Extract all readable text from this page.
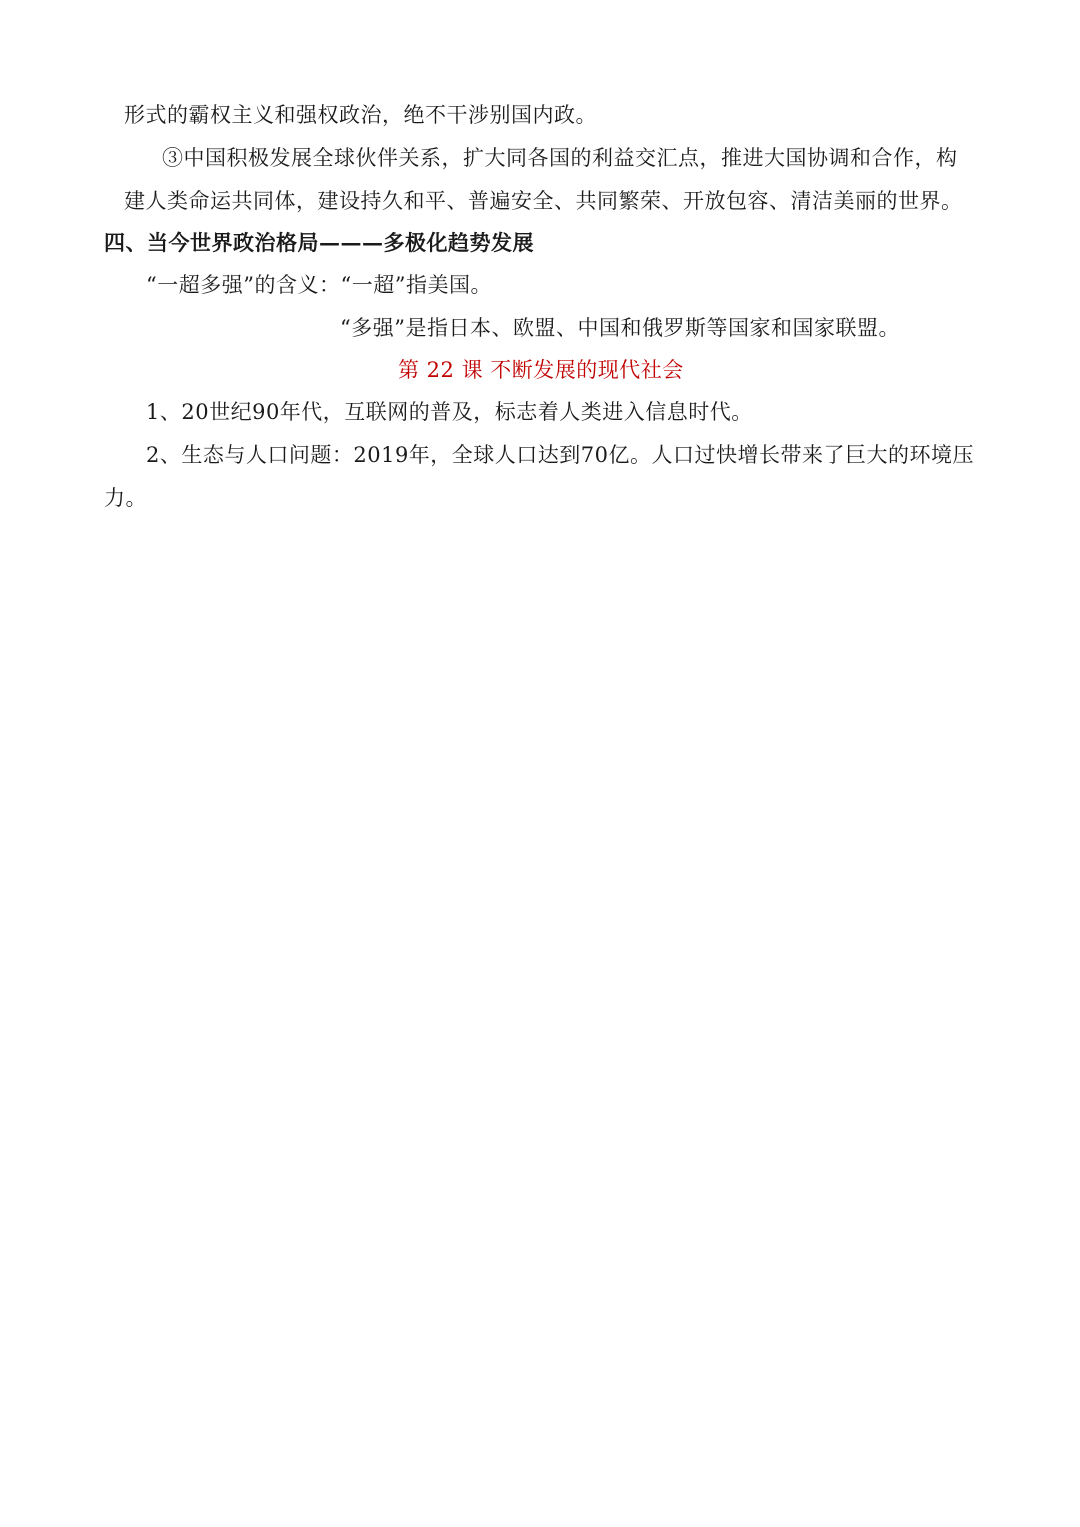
形式的霸权主义和强权政治，绝不干涉别国内政。
③中国积极发展全球伙伴关系，扩大同各国的利益交汇点，推进大国协调和合作，构
建人类命运共同体，建设持久和平、普遍安全、共同繁荣、开放包容、清洁美丽的世界。
四、当今世界政治格局———多极化趋势发展
“一超多强”的含义：“一超”指美国。
“多强”是指日本、欧盟、中国和俄罗斯等国家和国家联盟。
第 22 课 不断发展的现代社会
1、20世纪90年代，互联网的普及，标志着人类进入信息时代。
2、生态与人口问题：2019年，全球人口达到70亿。人口过快增长带来了巨大的环境压
力。
